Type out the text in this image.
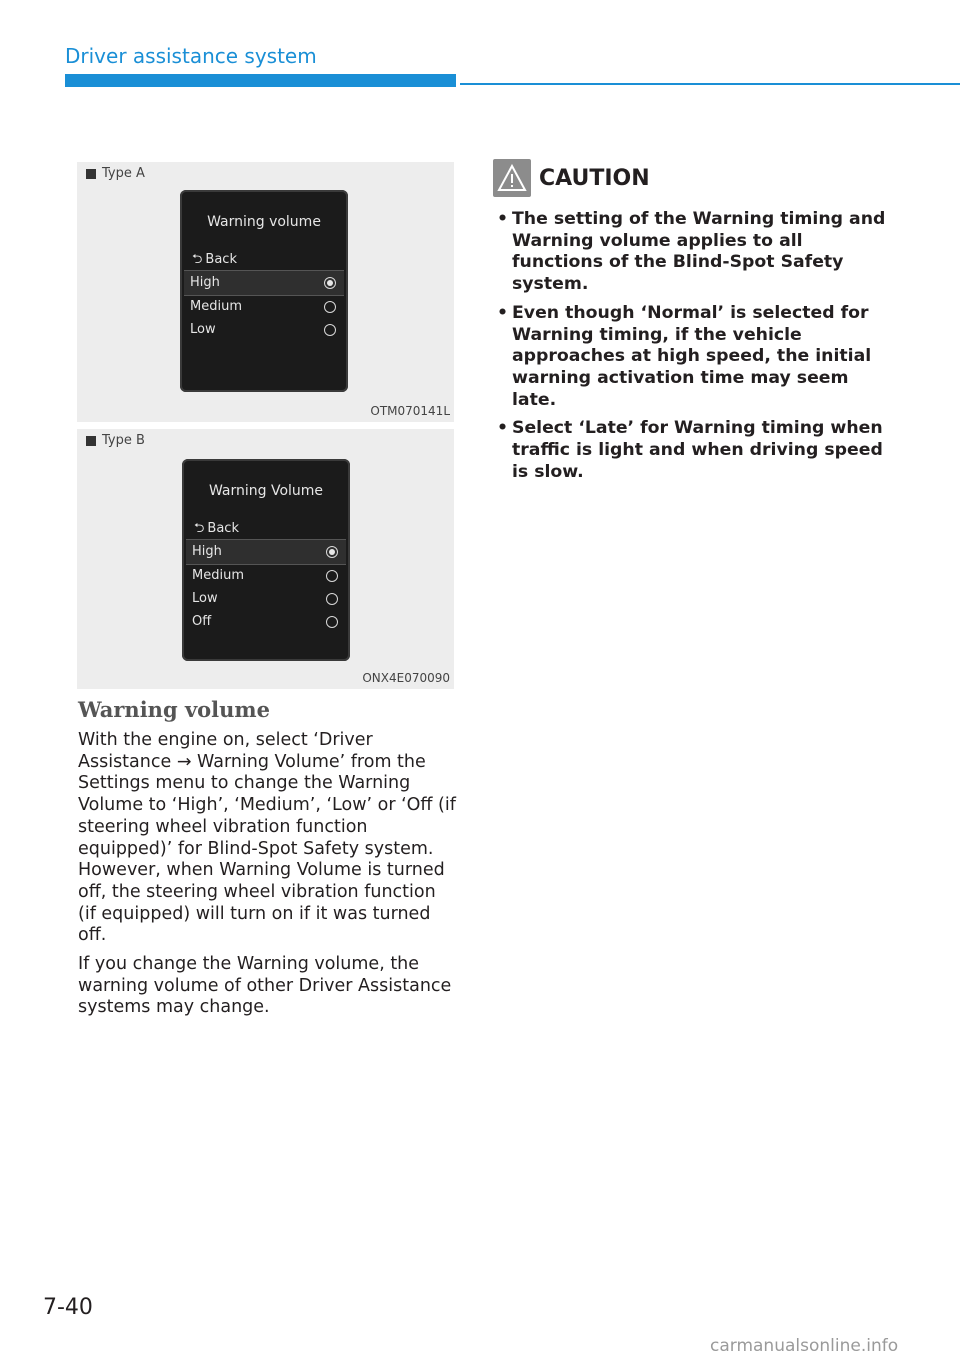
Driver assistance system
Type A
Warning volume
⮌ Back
High
Medium
Low
OTM070141L
Type B
Warning Volume
⮌ Back
High
Medium
Low
Off
ONX4E070090
Warning volume
With the engine on, select ‘Driver Assistance → Warning Volume’ from the Settings menu to change the Warning Volume to ‘High’, ‘Medium’, ‘Low’ or ‘Off (if steering wheel vibration function equipped)’ for Blind-Spot Safety system. However, when Warning Volume is turned off, the steering wheel vibration function (if equipped) will turn on if it was turned off.
If you change the Warning volume, the warning volume of other Driver Assistance systems may change.
CAUTION
• The setting of the Warning timing and Warning volume applies to all functions of the Blind-Spot Safety system.
• Even though ‘Normal’ is selected for Warning timing, if the vehicle approaches at high speed, the initial warning activation time may seem late.
• Select ‘Late’ for Warning timing when traffic is light and when driving speed is slow.
7-40
carmanualsonline.info
